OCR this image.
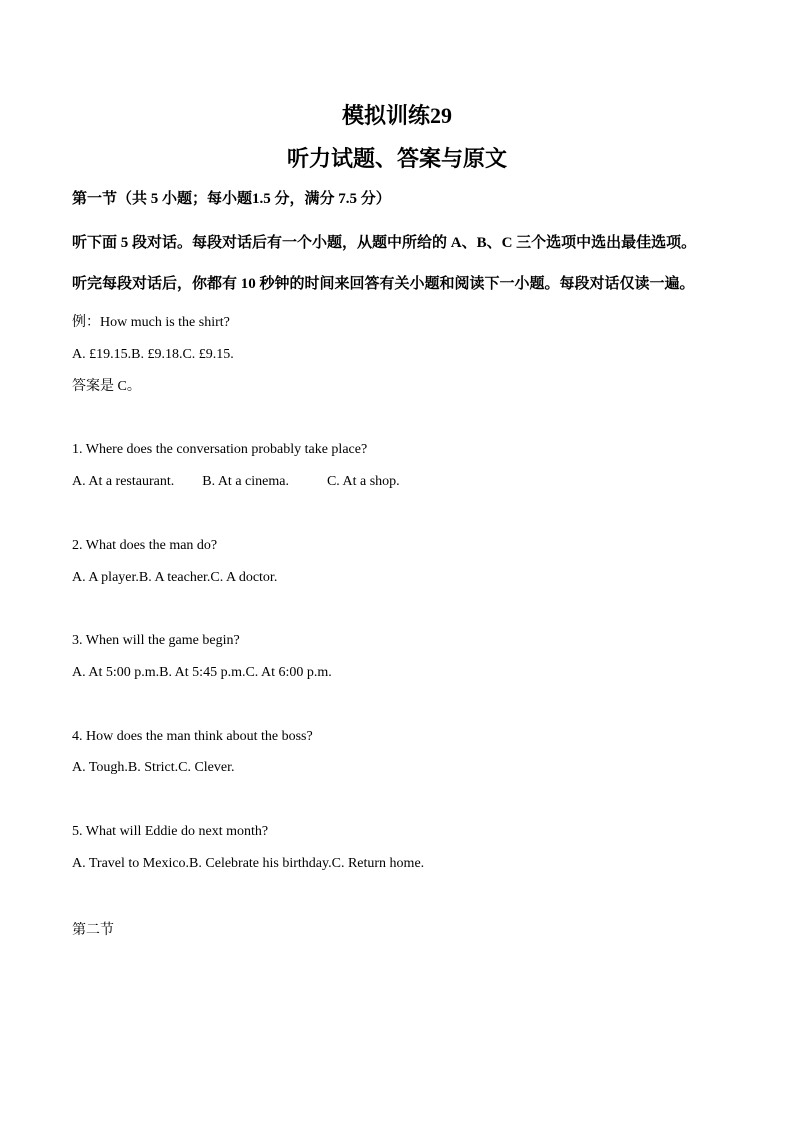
模拟训练29
听力试题、答案与原文
第一节（共 5 小题；每小题1.5 分，满分 7.5 分）
听下面 5 段对话。每段对话后有一个小题，从题中所给的 A、B、C 三个选项中选出最佳选项。
听完每段对话后，你都有 10 秒钟的时间来回答有关小题和阅读下一小题。每段对话仅读一遍。
例：How much is the shirt?
A. £19.15.B. £9.18.C. £9.15.
答案是 C。
1. Where does the conversation probably take place?
A. At a restaurant. B. At a cinema.	C. At a shop.
2. What does the man do?
A. A player.B. A teacher.C. A doctor.
3. When will the game begin?
A. At 5:00 p.m.B. At 5:45 p.m.C. At 6:00 p.m.
4. How does the man think about the boss?
A. Tough.B. Strict.C. Clever.
5. What will Eddie do next month?
A. Travel to Mexico.B. Celebrate his birthday.C. Return home.
第二节
